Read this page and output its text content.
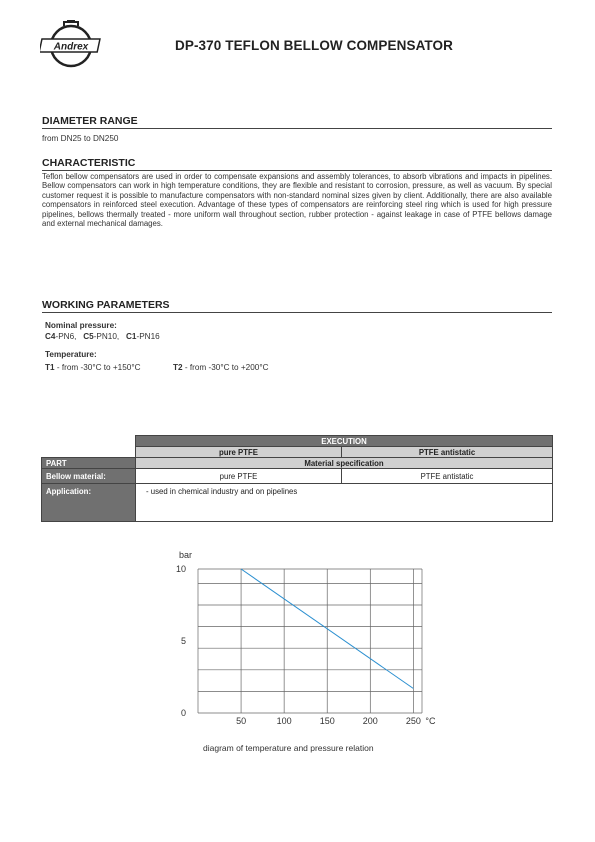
Andrex	DP-370 TEFLON BELLOW COMPENSATOR
DIAMETER RANGE
from DN25 to DN250
CHARACTERISTIC
Teflon bellow compensators are used in order to compensate expansions and assembly tolerances, to absorb vibrations and impacts in pipelines. Bellow compensators can work in high temperature conditions, they are flexible and resistant to corrosion, pressure, as well as vacuum. By special customer request it is possible to manufacture compensators with non-standard nominal sizes given by client. Additionally, there are also available compensators in reinforced steel execution. Advantage of these types of compensators are reinforcing steel ring which is used for high pressure pipelines, bellows thermally treated - more uniform wall throughout section, rubber protection - against leakage in case of PTFE bellows damage and external mechanical damages.
WORKING PARAMETERS
Nominal pressure:
C4-PN6, C5-PN10, C1-PN16
Temperature:
T1 - from -30°C to +150°C	T2 - from -30°C to +200°C
	EXECUTION	
	pure PTFE	PTFE antistatic
PART	Material specification	
Bellow material:	pure PTFE	PTFE antistatic
Application:	- used in chemical industry and on pipelines	
50	100	150	200	250 °C
0
5
10
bar
diagram of temperature and pressure relation
